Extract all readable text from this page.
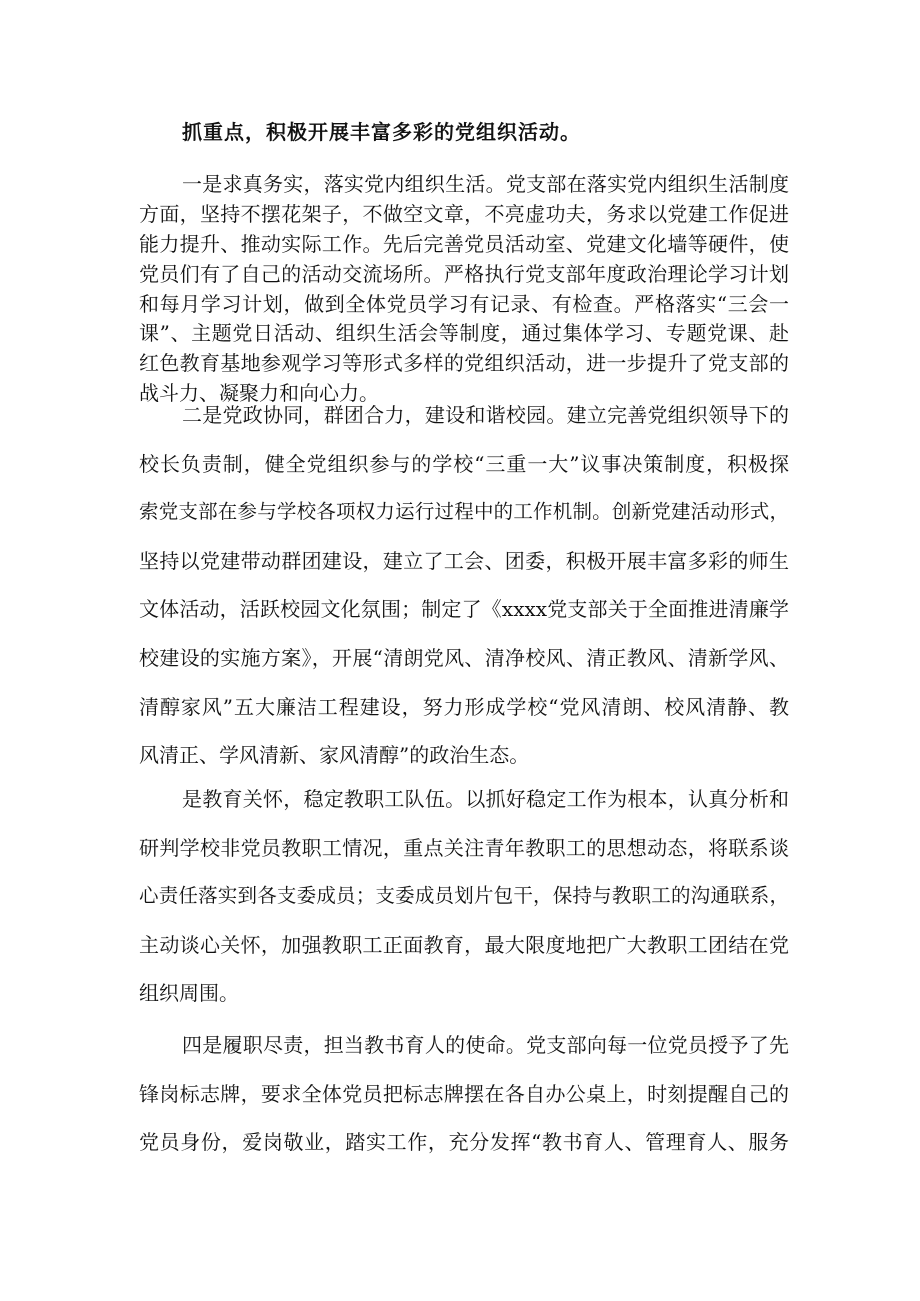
抓重点，积极开展丰富多彩的党组织活动。
一是求真务实，落实党内组织生活。党支部在落实党内组织生活制度
方面，坚持不摆花架子，不做空文章，不亮虚功夫，务求以党建工作促进
能力提升、推动实际工作。先后完善党员活动室、党建文化墙等硬件，使
党员们有了自己的活动交流场所。严格执行党支部年度政治理论学习计划
和每月学习计划，做到全体党员学习有记录、有检查。严格落实“三会一
课”、主题党日活动、组织生活会等制度，通过集体学习、专题党课、赴
红色教育基地参观学习等形式多样的党组织活动，进一步提升了党支部的
战斗力、凝聚力和向心力。
二是党政协同，群团合力，建设和谐校园。建立完善党组织领导下的
校长负责制，健全党组织参与的学校“三重一大”议事决策制度，积极探
索党支部在参与学校各项权力运行过程中的工作机制。创新党建活动形式，
坚持以党建带动群团建设，建立了工会、团委，积极开展丰富多彩的师生
文体活动，活跃校园文化氛围；制定了《xxxx党支部关于全面推进清廉学
校建设的实施方案》，开展“清朗党风、清净校风、清正教风、清新学风、
清醇家风”五大廉洁工程建设，努力形成学校“党风清朗、校风清静、教
风清正、学风清新、家风清醇”的政治生态。
是教育关怀，稳定教职工队伍。以抓好稳定工作为根本，认真分析和
研判学校非党员教职工情况，重点关注青年教职工的思想动态，将联系谈
心责任落实到各支委成员；支委成员划片包干，保持与教职工的沟通联系，
主动谈心关怀，加强教职工正面教育，最大限度地把广大教职工团结在党
组织周围。
四是履职尽责，担当教书育人的使命。党支部向每一位党员授予了先
锋岗标志牌，要求全体党员把标志牌摆在各自办公桌上，时刻提醒自己的
党员身份，爱岗敬业，踏实工作，充分发挥“教书育人、管理育人、服务
